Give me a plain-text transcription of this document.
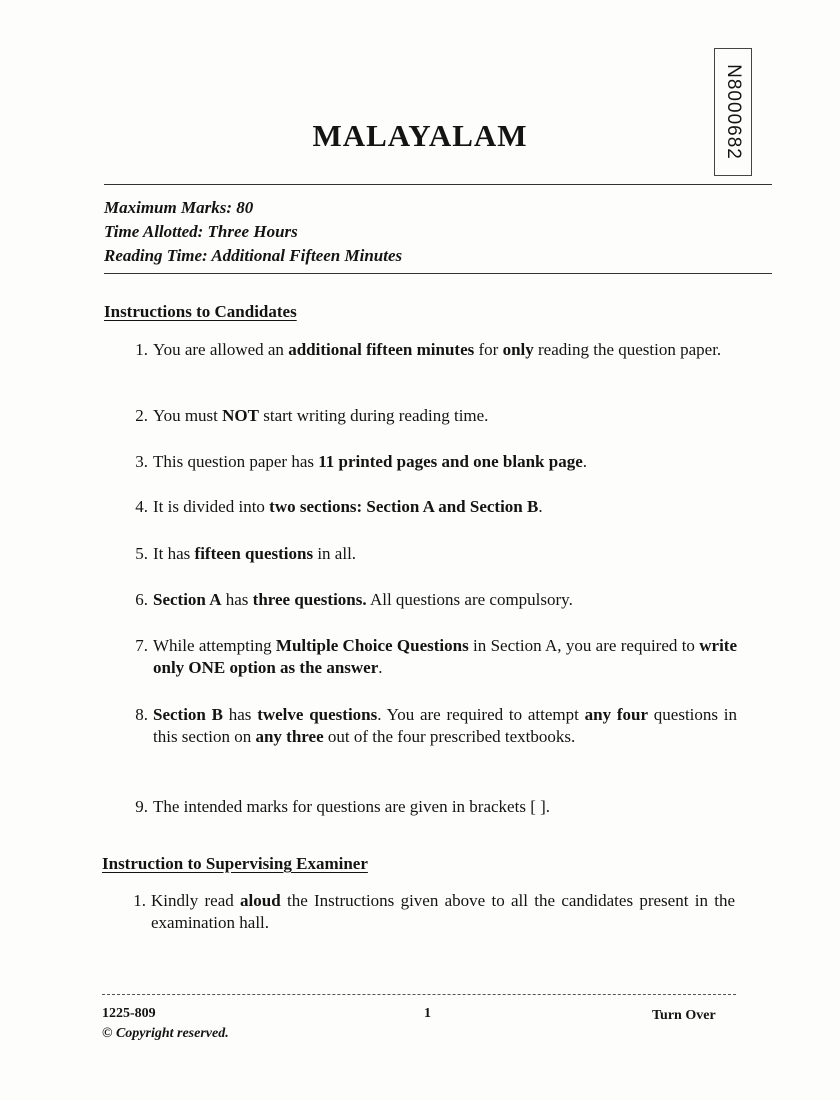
MALAYALAM	N8000682
Maximum Marks: 80
Time Allotted: Three Hours
Reading Time: Additional Fifteen Minutes
Instructions to Candidates
1. You are allowed an additional fifteen minutes for only reading the question paper.
2. You must NOT start writing during reading time.
3. This question paper has 11 printed pages and one blank page.
4. It is divided into two sections: Section A and Section B.
5. It has fifteen questions in all.
6. Section A has three questions. All questions are compulsory.
7. While attempting Multiple Choice Questions in Section A, you are required to write only ONE option as the answer.
8. Section B has twelve questions. You are required to attempt any four questions in this section on any three out of the four prescribed textbooks.
9. The intended marks for questions are given in brackets [ ].
Instruction to Supervising Examiner
1. Kindly read aloud the Instructions given above to all the candidates present in the examination hall.
1225-809	1	Turn Over
© Copyright reserved.
